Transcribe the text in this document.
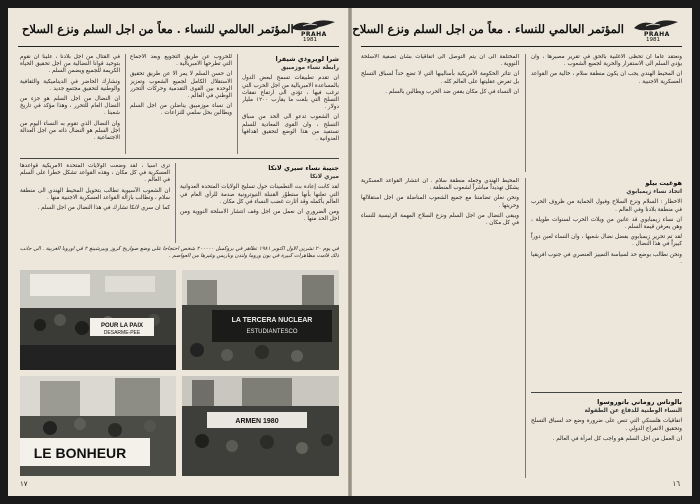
المؤتمر العالمي للنساء . معاً من اجل السلم ونزع السلاح PRAHA
1981
شرا لويروذي شيفرا
رابطة نساء موزمبيق

ان تقدم تطبيقات تسمح لبعض الدول بالمساعدة الامبريالية من اجل الحرب التي ترغب فيها ، تؤدي الى ارتفاع نفقات التسلح التي بلغت ما يقارب ١٢٠٠ مليار دولار .

ان الشعوب تدعو الى الحد من سباق التسلح ، وان القوى المعادية للسلم تستفيد من هذا الوضع لتحقيق اهدافها العدوانية .

للحروب عن طريق التجويع وبعد الاجماع التي تطرحها الامبريالية .

ان حسن السلم لا يمر الا عن طريق تحقيق الاستقلال الكامل لجميع الشعوب وتعزيز الوحدة بين القوى التقدمية وحركات التحرر الوطني في العالم .

ان نساء موزمبيق يناضلن من اجل السلم ويطالبن بحل سلمي للنزاعات .

في القتال من اجل بلادنا ، علينا ان نقوم بتوحيد قوانا النضالية من اجل تحقيق الحياة الكريمة للجميع ويضمن السلم .

ونشارك الحاضر في الديناميكية والثقافية والوطنية لتحقيق مجتمع جديد .

ان النضال من اجل السلم هو جزء من النضال العام للتحرر ، وهذا مؤكد في تاريخ شعبنا .

وان النضال الذي تقوم به النساء اليوم من اجل السلم هو النضال ذاته من اجل العدالة الاجتماعية .

جنيبة نساء سيري لانكا
ميري لانكا

لقد كانت إعادة بث التطمينات حول تسليح الولايات المتحدة العدوانية التي تعلنها بأنها ستطوّر القنبلة النيوترونية صدمة للرأي العام في العالم بأكمله وقد أثارت غضب النساء في كل مكان .

ومن الضروري ان نعمل من اجل وقف انتشار الاسلحة النووية ومن اجل الحد منها .

ترى أسيا ، لقد وضعت الولايات المتحدة الامريكية قواعدها العسكرية في كل مكان ، وهذه القواعد تشكل خطرا على السلم في العالم .

ان الشعوب الآسيوية تطالب بتحويل المحيط الهندي الى منطقة سلام ، وتطالب بازالة القواعد العسكرية الاجنبية منها .

كما ان سري لانكا تشارك في هذا النضال من اجل السلم .

في يوم ٢٠ تشرين الأول اكتوبر ١٩٨١ تظاهر في بروكسل ٢٠٠٠٠٠ شخص احتجاجاً على وضع صواريخ كروز وبيرشينغ ٢ في اوروبا الغربية . الى جانب ذلك قامت مظاهرات كبيرة في بون وروما ولندن وباريس وغيرها من العواصم .

POUR LA PAIX
DESARME-PEE
LA TERCERA NUCLEAR
ESTUDIANTESCO
LE BONHEUR
ARMEN 1980
١٧
المؤتمر العالمي للنساء . معاً من اجل السلم ونزع السلاح	PRAHA
1981

ونعتقد عاما ان تحظى الاغلبية بالحق في تقرير مصيرها ، وان يؤدي السلم الى الاستقرار والحرية لجميع الشعوب .

ان المحيط الهندي يجب ان يكون منطقة سلام ، خالية من القواعد العسكرية الاجنبية .

المختلفة الى ان يتم التوصل الى اتفاقيات بشأن تصفية الاسلحة النووية .

ان تتاثر الحكومة الأمريكية بأساليبها التي لا تضع حداً لسباق التسلح بل تفرض عقليتها على العالم كله .

ان النساء في كل مكان يقفن ضد الحرب ويطالبن بالسلم .

هوغيت بيلو
اتحاد نساء زيمبابوي

الاخطار : السلام ونزع السلاح وفيول الحماية من ظروف الحرب في منطقة بلادنا وفي العالم .

ان نساء زيمبابوي قد عانين من ويلات الحرب لسنوات طويلة ، وهن يعرفن قيمة السلم .

لقد تم تحرير زيمبابوي بفضل نضال شعبها ، وان النساء لعبن دوراً كبيراً في هذا النضال .

ونحن نطالب بوضع حد لسياسة التمييز العنصري في جنوب افريقيا .

المحيط الهندي وجعله منطقة سلام . ان انتشار القواعد العسكرية يشكل تهديداً مباشراً لشعوب المنطقة .

ونحن نعلن تضامننا مع جميع الشعوب المناضلة من اجل استقلالها وحريتها .

ويبقى النضال من اجل السلم ونزع السلاح المهمة الرئيسية للنساء في كل مكان .

بالوناس روماني باتوروسوا
النساء الوطنية للدفاع عن الطفولة

اتفاقيات هلسنكي التي تنص على ضرورة وضع حد لسباق التسلح وتحقيق الانفراج الدولي .

ان العمل من اجل السلم هو واجب كل امرأة في العالم .

١٦
